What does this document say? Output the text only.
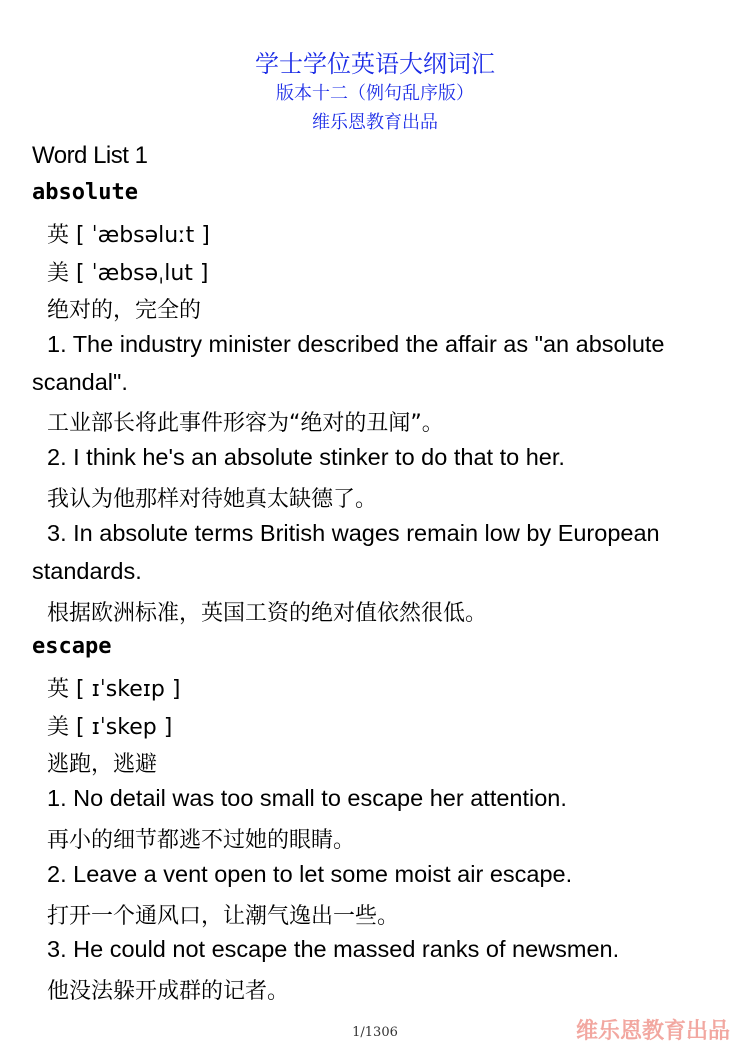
学士学位英语大纲词汇
版本十二（例句乱序版）
维乐恩教育出品
Word List 1
absolute
英 [ ˈæbsəluːt ]
美 [ ˈæbsəˌlut ]
绝对的，完全的
1. The industry minister described the affair as "an absolute
scandal".
工业部长将此事件形容为“绝对的丑闻”。
2. I think he's an absolute stinker to do that to her.
我认为他那样对待她真太缺德了。
3. In absolute terms British wages remain low by European
standards.
根据欧洲标准，英国工资的绝对值依然很低。
escape
英 [ ɪˈskeɪp ]
美 [ ɪˈskep ]
逃跑，逃避
1. No detail was too small to escape her attention.
再小的细节都逃不过她的眼睛。
2. Leave a vent open to let some moist air escape.
打开一个通风口，让潮气逸出一些。
3. He could not escape the massed ranks of newsmen.
他没法躲开成群的记者。
1/1306	维乐恩教育出品
